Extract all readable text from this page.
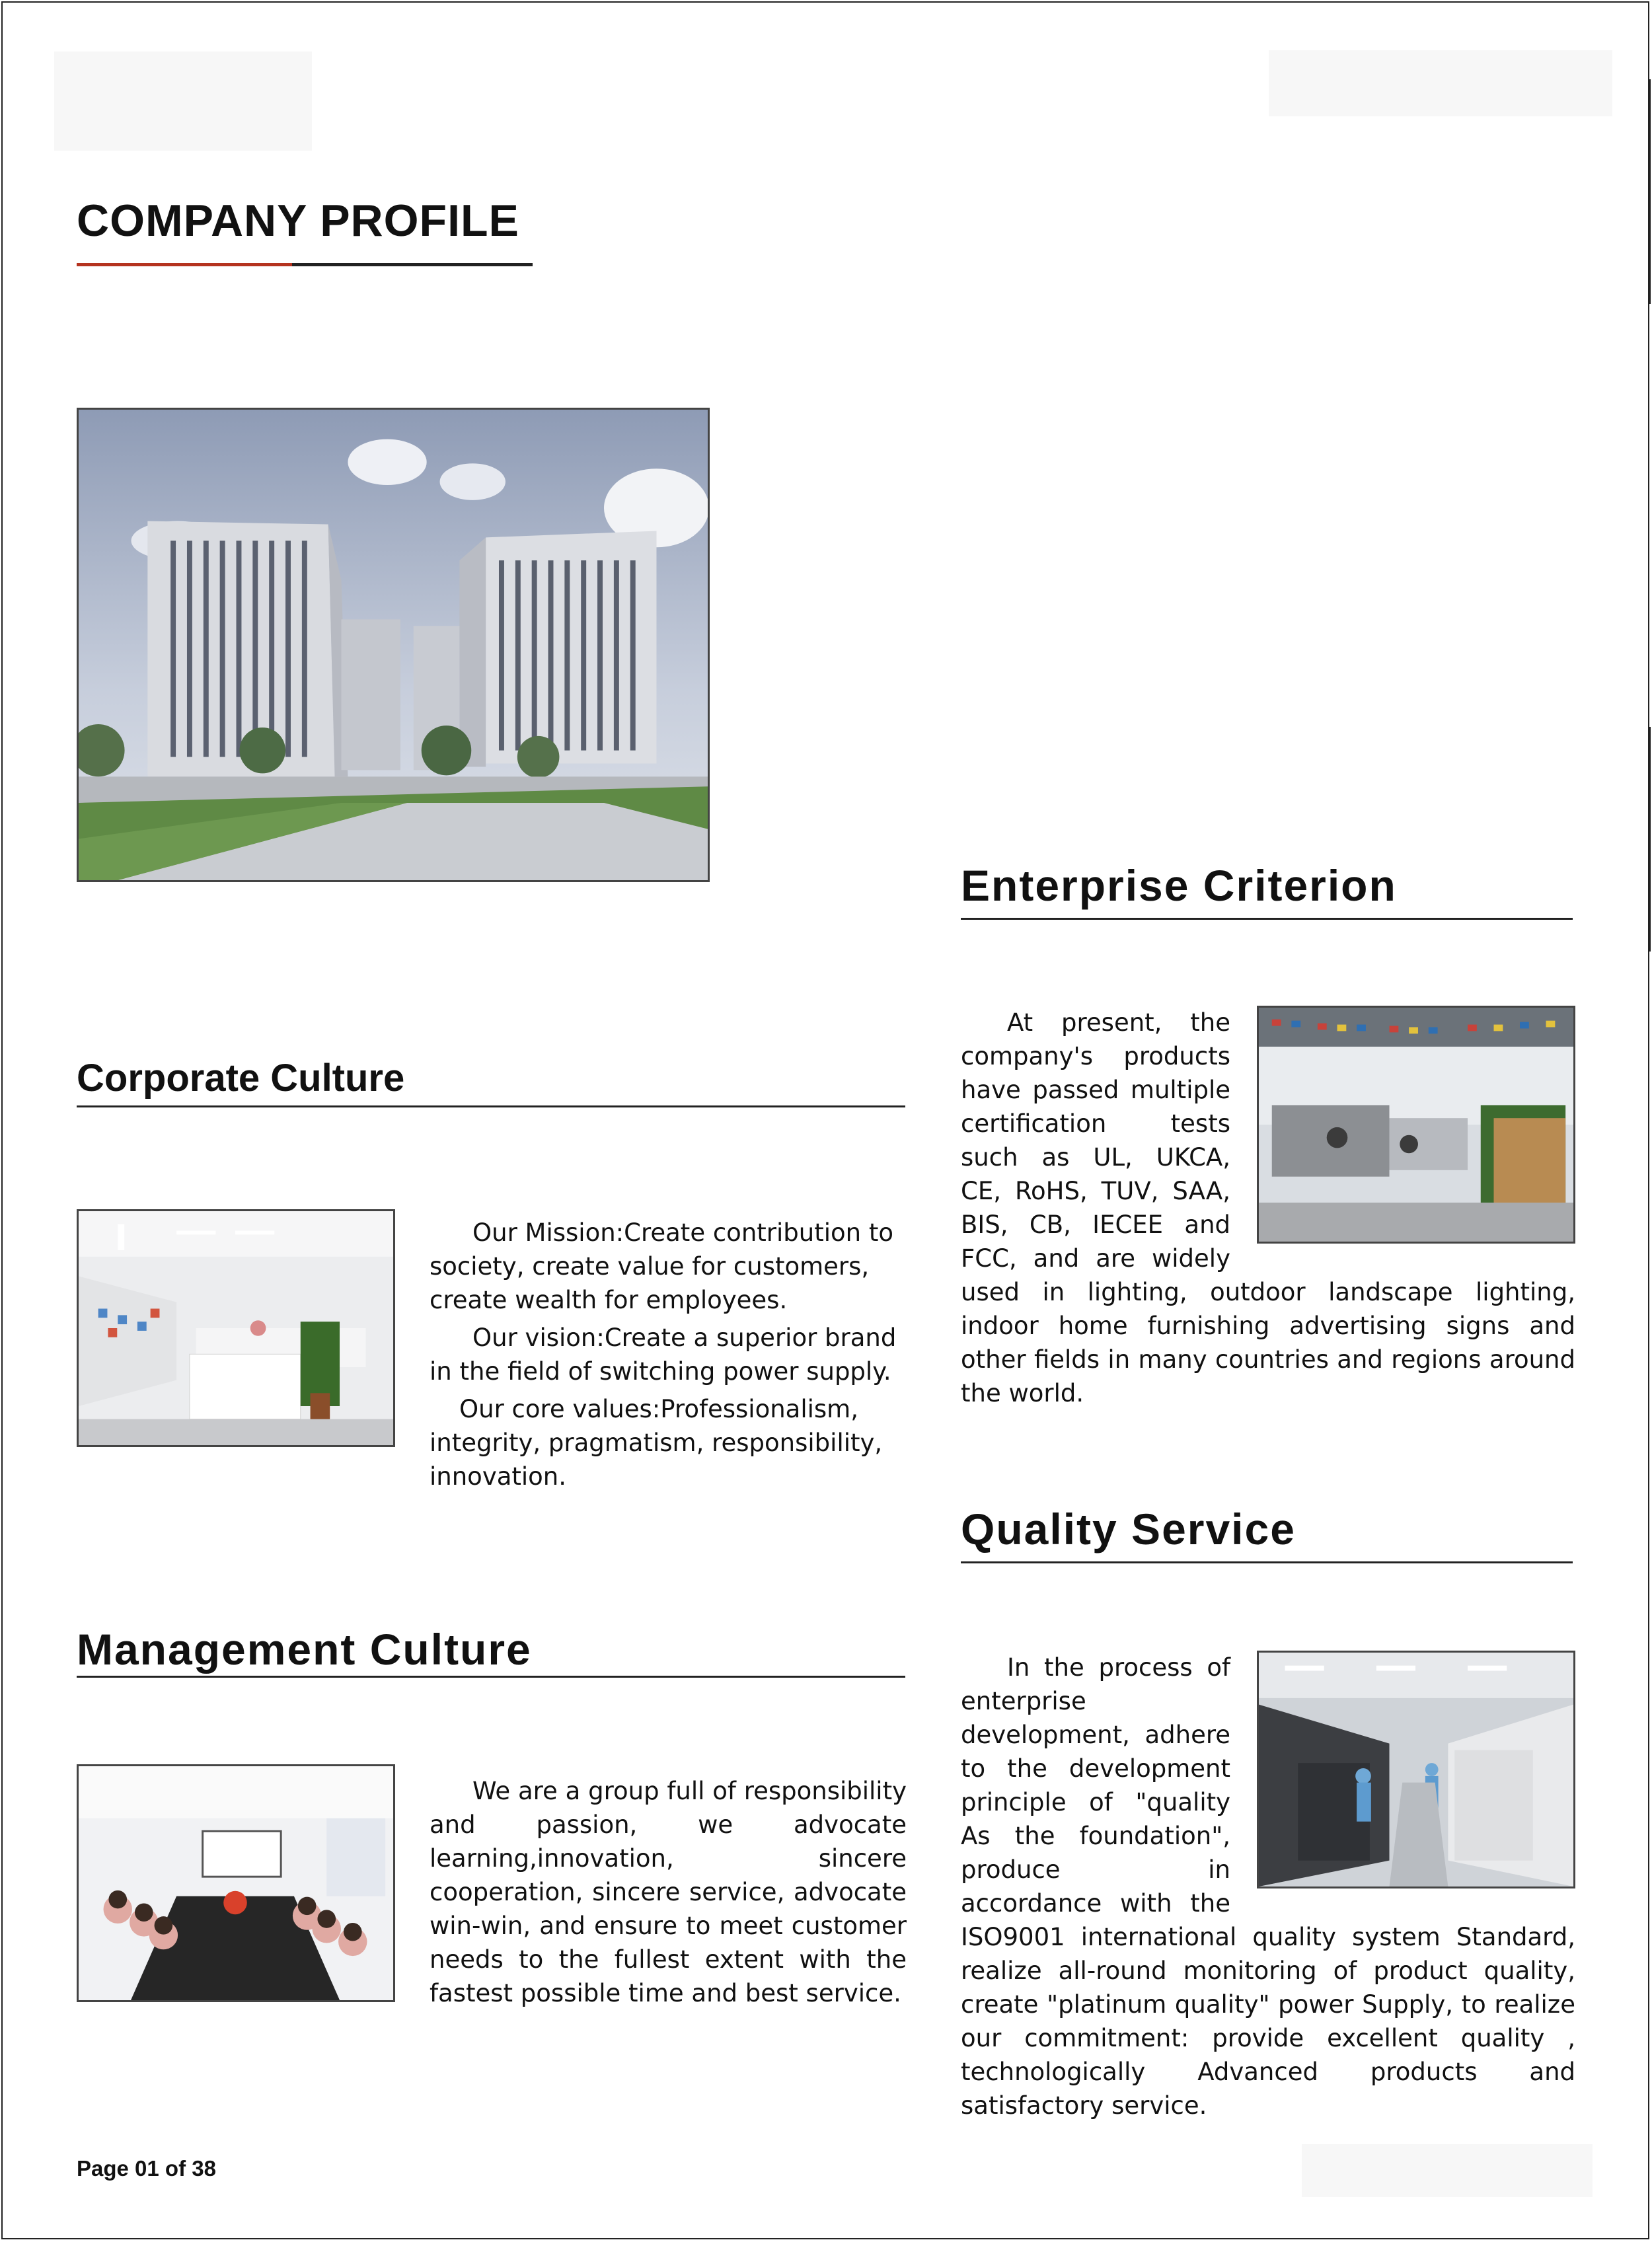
COMPANY PROFILE
Enterprise Criterion

At present, the company's products have passed multiple certification tests such as UL, UKCA, CE, RoHS, TUV, SAA, BIS, CB, IECEE and FCC, and are widely used in lighting, outdoor landscape lighting, indoor home furnishing advertising signs and other fields in many countries and regions around the world.

Corporate Culture

Our Mission:Create contribution to society, create value for customers, create wealth for employees.

Our vision:Create a superior brand in the field of switching power supply.

Our core values:Professionalism, integrity, pragmatism, responsibility, innovation.

Quality Service

In the process of enterprise development, adhere to the development principle of "quality As the foundation", produce in accordance with the ISO9001 international quality system Standard, realize all-round monitoring of product quality, create "platinum quality" power Supply, to realize our commitment: provide excellent quality , technologically Advanced products and satisfactory service.

Management Culture

We are a group full of responsibility and passion, we advocate learning,innovation, sincere cooperation, sincere service, advocate win-win, and ensure to meet customer needs to the fullest extent with the fastest possible time and best service.

Page 01 of 38
